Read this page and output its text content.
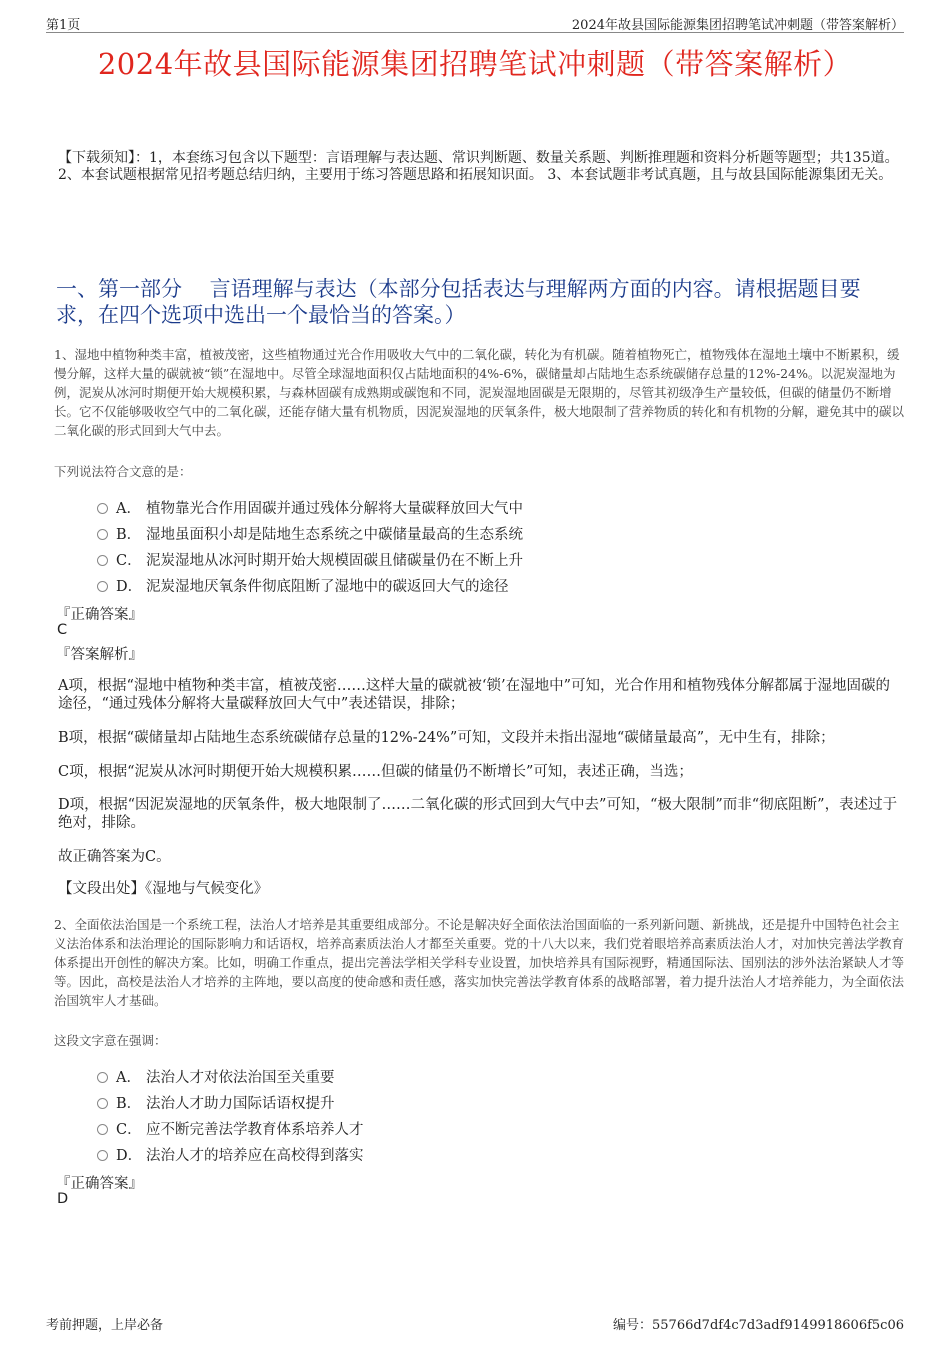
第1页	2024年故县国际能源集团招聘笔试冲刺题（带答案解析）
2024年故县国际能源集团招聘笔试冲刺题（带答案解析）
【下载须知】：1，本套练习包含以下题型：言语理解与表达题、常识判断题、数量关系题、判断推理题和资料分析题等题型；共135道。 2、本套试题根据常见招考题总结归纳，主要用于练习答题思路和拓展知识面。 3、本套试题非考试真题，且与故县国际能源集团无关。
一、第一部分　 言语理解与表达（本部分包括表达与理解两方面的内容。请根据题目要求，在四个选项中选出一个最恰当的答案。）
1、湿地中植物种类丰富，植被茂密，这些植物通过光合作用吸收大气中的二氧化碳，转化为有机碳。随着植物死亡，植物残体在湿地土壤中不断累积，缓慢分解，这样大量的碳就被“锁”在湿地中。尽管全球湿地面积仅占陆地面积的4%-6%，碳储量却占陆地生态系统碳储存总量的12%-24%。以泥炭湿地为例，泥炭从冰河时期便开始大规模积累，与森林固碳有成熟期或碳饱和不同，泥炭湿地固碳是无限期的，尽管其初级净生产量较低，但碳的储量仍不断增长。它不仅能够吸收空气中的二氧化碳，还能存储大量有机物质，因泥炭湿地的厌氧条件，极大地限制了营养物质的转化和有机物的分解，避免其中的碳以二氧化碳的形式回到大气中去。
下列说法符合文意的是：
A． 植物靠光合作用固碳并通过残体分解将大量碳释放回大气中
B． 湿地虽面积小却是陆地生态系统之中碳储量最高的生态系统
C． 泥炭湿地从冰河时期开始大规模固碳且储碳量仍在不断上升
D． 泥炭湿地厌氧条件彻底阻断了湿地中的碳返回大气的途径
『正确答案』
C
『答案解析』
A项，根据“湿地中植物种类丰富，植被茂密……这样大量的碳就被‘锁’在湿地中”可知，光合作用和植物残体分解都属于湿地固碳的途径，“通过残体分解将大量碳释放回大气中”表述错误，排除；
B项，根据“碳储量却占陆地生态系统碳储存总量的12%-24%”可知，文段并未指出湿地“碳储量最高”，无中生有，排除；
C项，根据“泥炭从冰河时期便开始大规模积累……但碳的储量仍不断增长”可知，表述正确，当选；
D项，根据“因泥炭湿地的厌氧条件，极大地限制了……二氧化碳的形式回到大气中去”可知，“极大限制”而非“彻底阻断”，表述过于绝对，排除。
故正确答案为C。
【文段出处】《湿地与气候变化》
2、全面依法治国是一个系统工程，法治人才培养是其重要组成部分。不论是解决好全面依法治国面临的一系列新问题、新挑战，还是提升中国特色社会主义法治体系和法治理论的国际影响力和话语权，培养高素质法治人才都至关重要。党的十八大以来，我们党着眼培养高素质法治人才，对加快完善法学教育体系提出开创性的解决方案。比如，明确工作重点，提出完善法学相关学科专业设置，加快培养具有国际视野，精通国际法、国别法的涉外法治紧缺人才等等。因此，高校是法治人才培养的主阵地，要以高度的使命感和责任感，落实加快完善法学教育体系的战略部署，着力提升法治人才培养能力，为全面依法治国筑牢人才基础。
这段文字意在强调：
A． 法治人才对依法治国至关重要
B． 法治人才助力国际话语权提升
C． 应不断完善法学教育体系培养人才
D． 法治人才的培养应在高校得到落实
『正确答案』
D
考前押题，上岸必备	编号：55766d7df4c7d3adf9149918606f5c06
